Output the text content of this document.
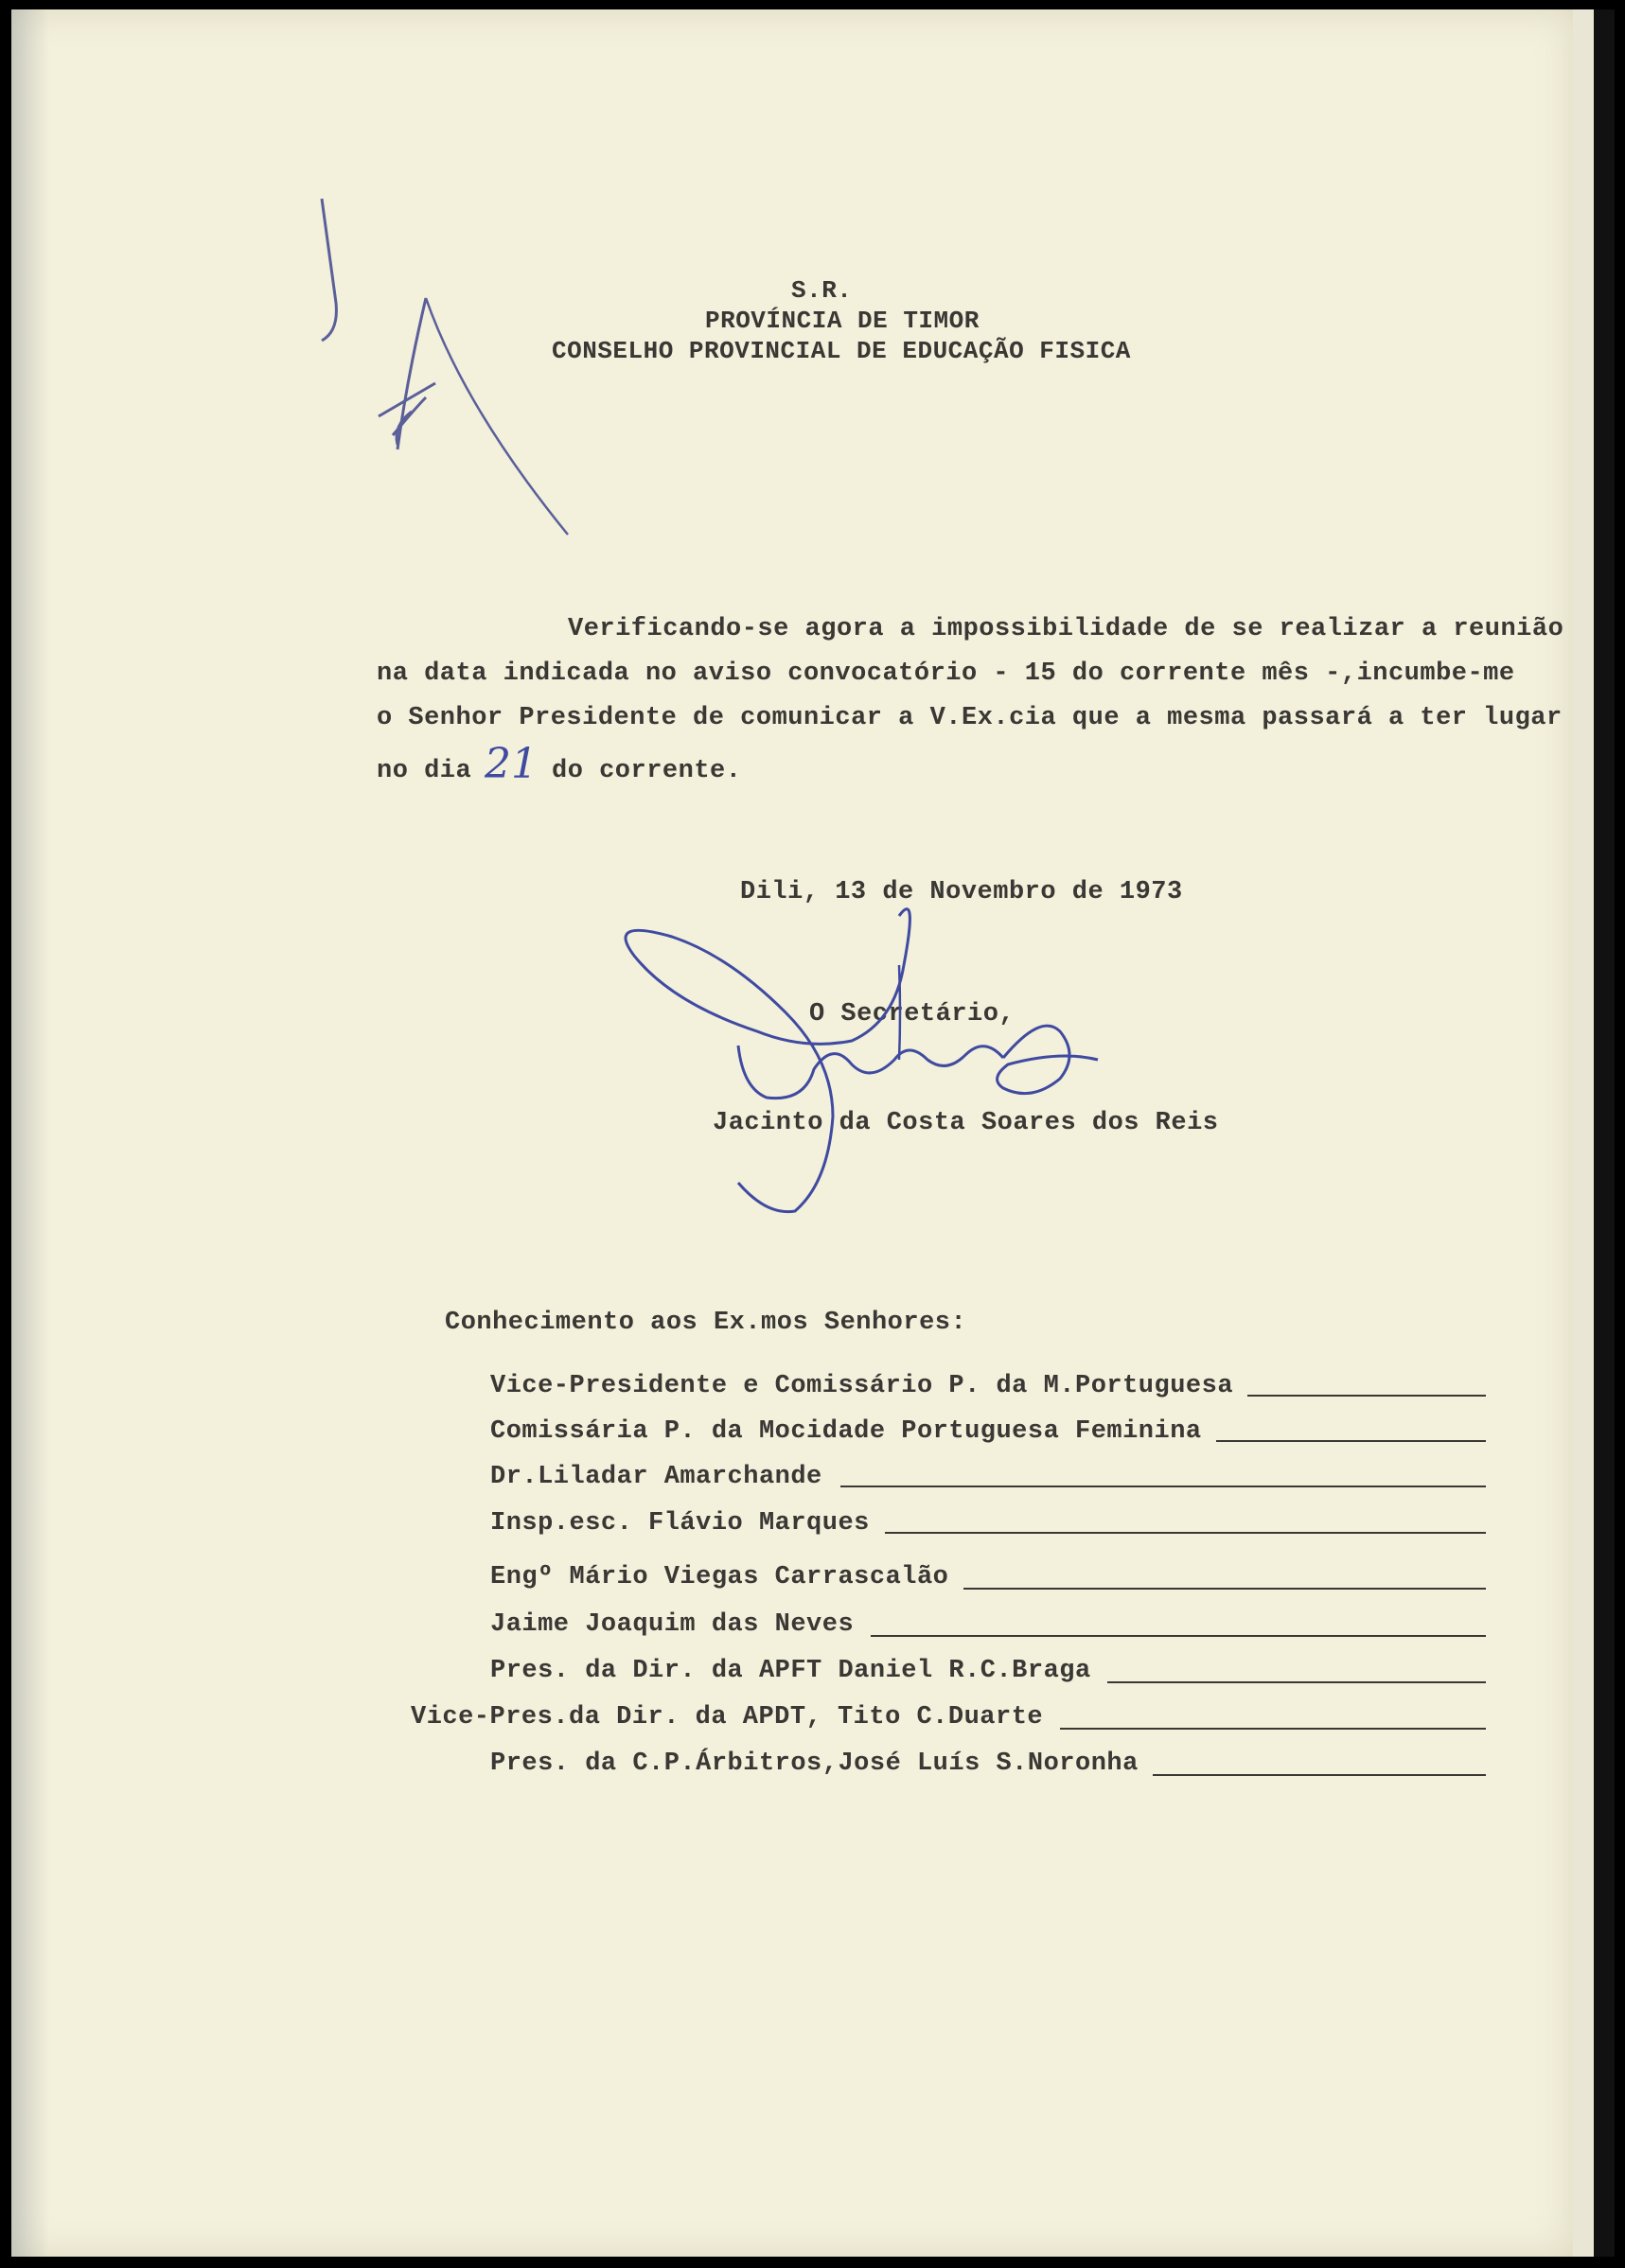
S.R.
PROVÍNCIA DE TIMOR
CONSELHO PROVINCIAL DE EDUCAÇÃO FISICA
Verificando-se agora a impossibilidade de se realizar a reunião
na data indicada no aviso convocatório - 15 do corrente mês -,incumbe-me
o Senhor Presidente de comunicar a V.Ex.cia que a mesma passará a ter lugar
no dia 21 do corrente.
Dili, 13 de Novembro de 1973
O Secretário,
Jacinto da Costa Soares dos Reis
Conhecimento aos Ex.mos Senhores:
Vice-Presidente e Comissário P. da M.Portuguesa
Comissária P. da Mocidade Portuguesa Feminina
Dr.Liladar Amarchande
Insp.esc. Flávio Marques
Engº Mário Viegas Carrascalão
Jaime Joaquim das Neves
Pres. da Dir. da APFT Daniel R.C.Braga
Vice-Pres.da Dir. da APDT, Tito C.Duarte
Pres. da C.P.Árbitros,José Luís S.Noronha
